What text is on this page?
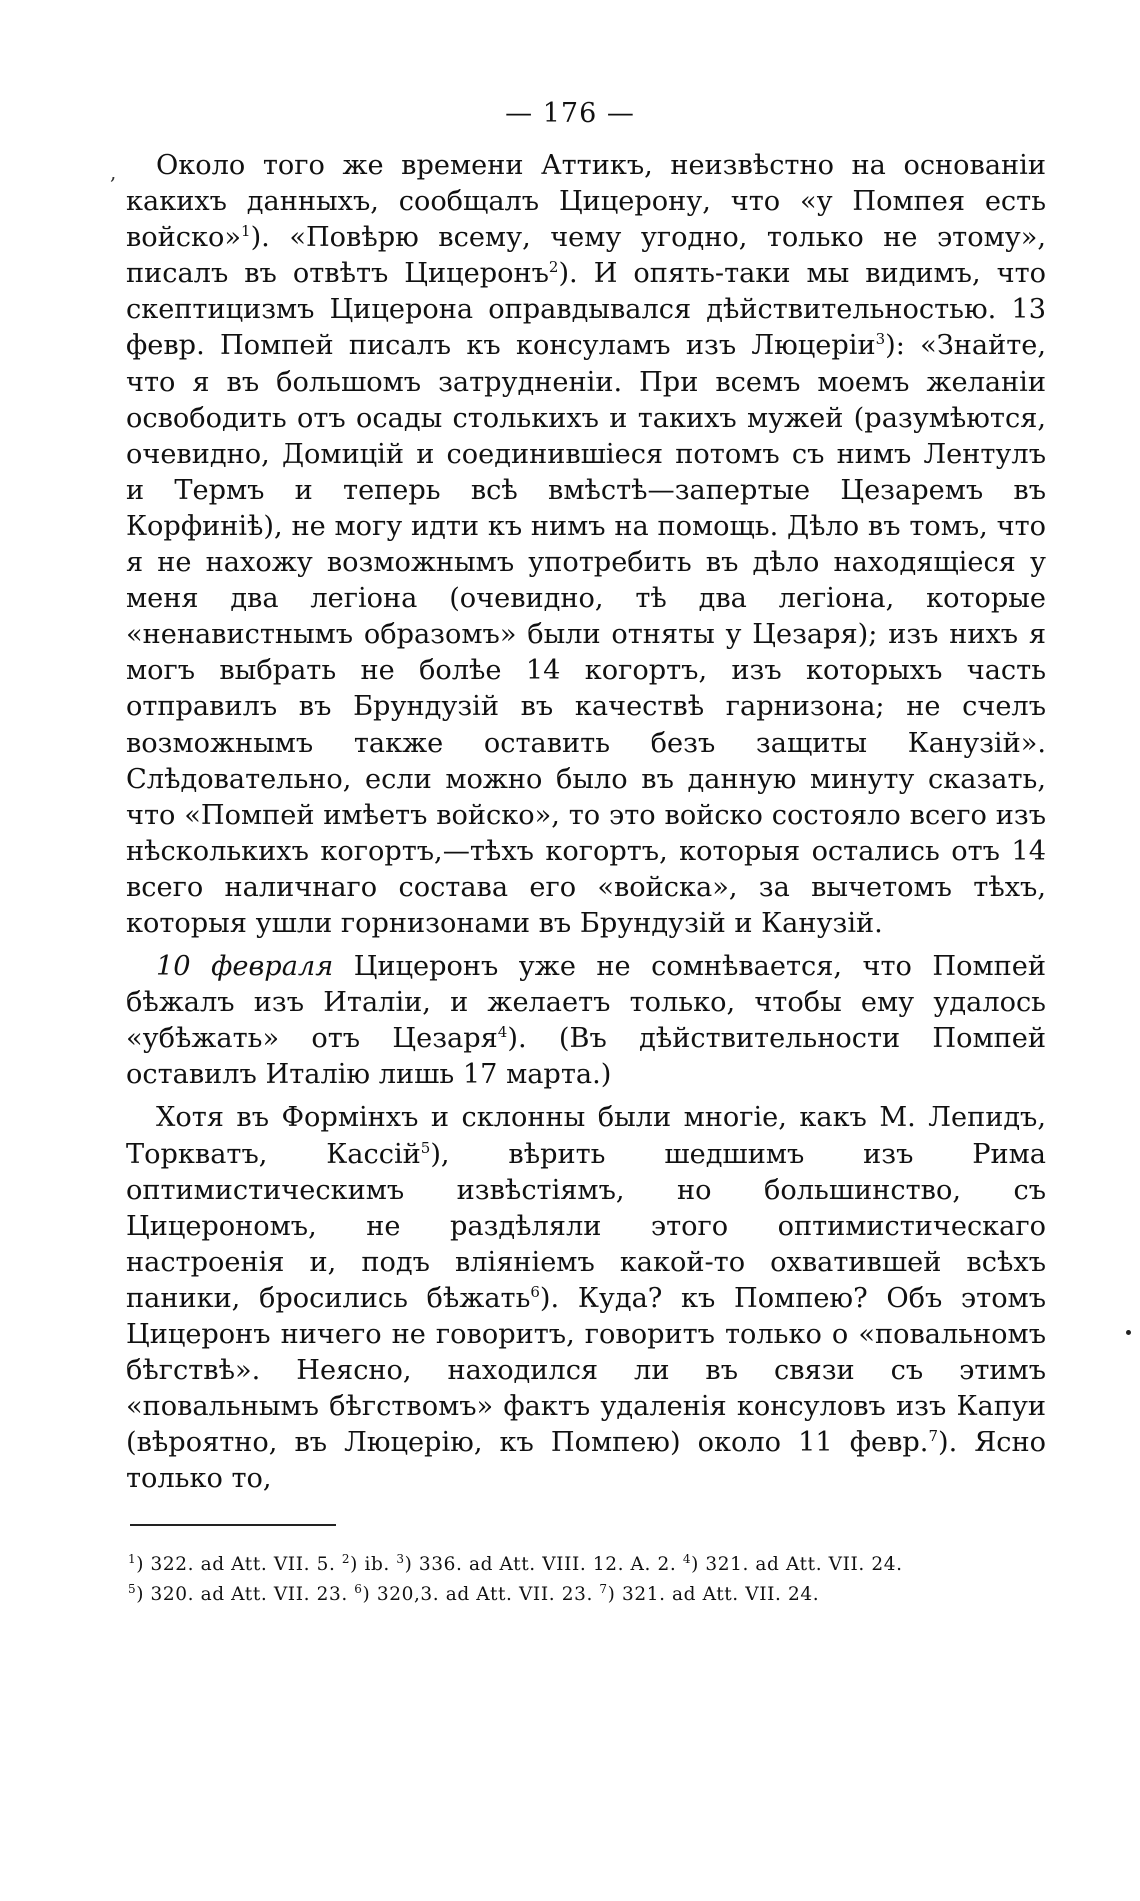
— 176 —
,	Около того же времени Аттикъ, неизвѣстно на основаніи какихъ данныхъ, сообщалъ Цицерону, что «у Помпея есть войско»$^1$). «Повѣрю всему, чему угодно, только не этому», писалъ въ отвѣтъ Цицеронъ$^2$). И опять-таки мы видимъ, что скептицизмъ Цицерона оправдывался дѣйствительностью. 13 февр. Помпей писалъ къ консуламъ изъ Люцеріи$^3$): «Знайте, что я въ большомъ затрудненіи. При всемъ моемъ желаніи освободить отъ осады столькихъ и такихъ мужей (разумѣются, очевидно, Домицій и соединившіеся потомъ съ нимъ Лентулъ и Термъ и теперь всѣ вмѣстѣ—запертые Цезаремъ въ Корфиніѣ), не могу идти къ нимъ на помощь. Дѣло въ томъ, что я не нахожу возможнымъ употребить въ дѣло находящіеся у меня два легіона (очевидно, тѣ два легіона, которые «ненавистнымъ образомъ» были отняты у Цезаря); изъ нихъ я могъ выбрать не болѣе 14 когортъ, изъ которыхъ часть отправилъ въ Брундузій въ качествѣ гарнизона; не счелъ возможнымъ также оставить безъ защиты Канузій». Слѣдовательно, если можно было въ данную минуту сказать, что «Помпей имѣетъ войско», то это войско состояло всего изъ нѣсколькихъ когортъ,—тѣхъ когортъ, которыя остались отъ 14 всего наличнаго состава его «войска», за вычетомъ тѣхъ, которыя ушли горнизонами въ Брундузій и Канузій.

10 февраля Цицеронъ уже не сомнѣвается, что Помпей бѣжалъ изъ Италіи, и желаетъ только, чтобы ему удалось «убѣжать» отъ Цезаря$^4$). (Въ дѣйствительности Помпей оставилъ Италію лишь 17 марта.)

Хотя въ Формінхъ и склонны были многіе, какъ М. Лепидъ, Торкватъ, Кассій$^5$), вѣрить шедшимъ изъ Рима оптимистическимъ извѣстіямъ, но большинство, съ Цицерономъ, не раздѣляли этого оптимистическаго настроенія и, подъ вліяніемъ какой-то охватившей всѣхъ паники, бросились бѣжать$^6$). Куда? къ Помпею? Объ этомъ Цицеронъ ничего не говоритъ, говоритъ только о «повальномъ бѣгствѣ». Неясно, находился ли въ связи съ этимъ «повальнымъ бѣгствомъ» фактъ удаленія консуловъ изъ Капуи (вѣроятно, въ Люцерію, къ Помпею) около 11 февр.$^7$). Ясно только то,

$^1$) 322. ad Att. VII. 5. $^2$) ib. $^3$) 336. ad Att. VIII. 12. A. 2. $^4$) 321. ad Att. VII. 24.
$^5$) 320. ad Att. VII. 23. $^6$) 320,3. ad Att. VII. 23. $^7$) 321. ad Att. VII. 24.
